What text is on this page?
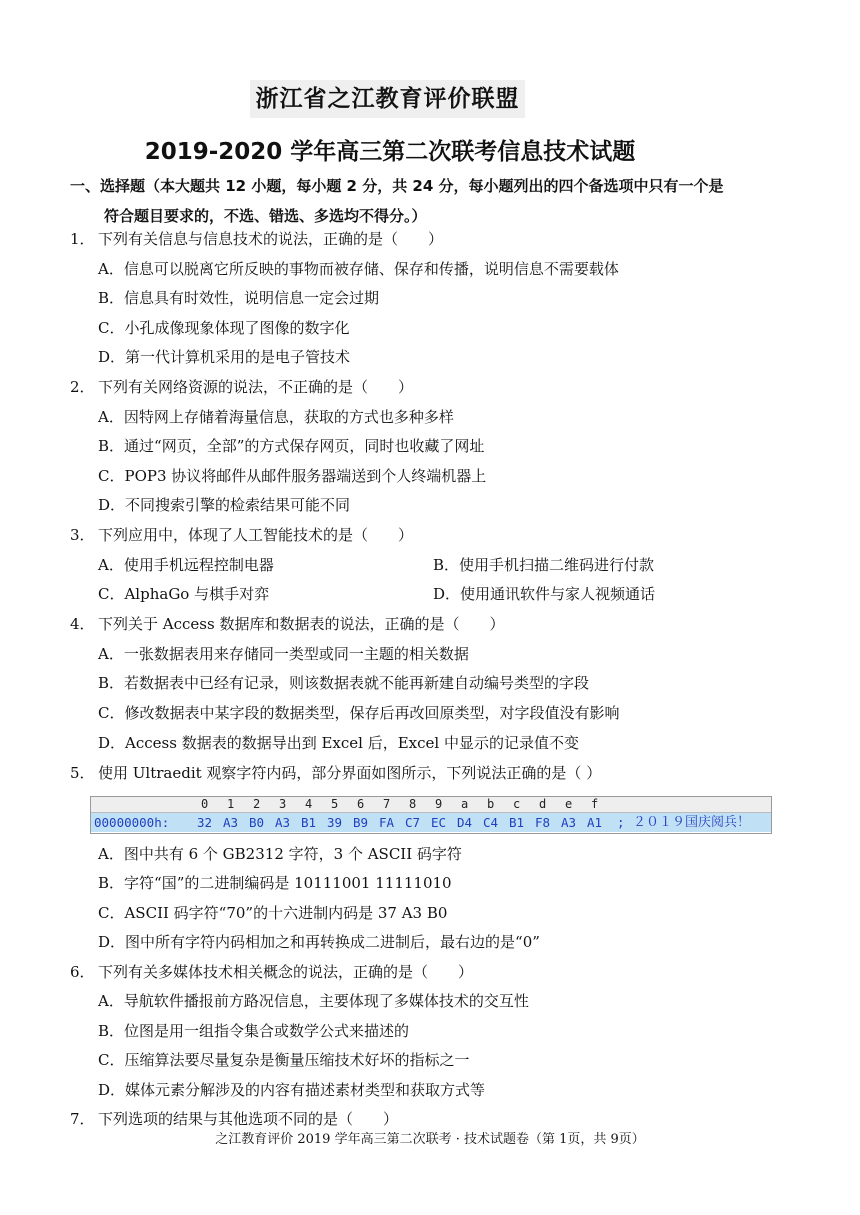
浙江省之江教育评价联盟
2019-2020 学年高三第二次联考信息技术试题
一、选择题（本大题共 12 小题，每小题 2 分，共 24 分，每小题列出的四个备选项中只有一个是
符合题目要求的，不选、错选、多选均不得分。）
1． 下列有关信息与信息技术的说法，正确的是（　　）
A．信息可以脱离它所反映的事物而被存储、保存和传播，说明信息不需要载体
B．信息具有时效性，说明信息一定会过期
C．小孔成像现象体现了图像的数字化
D．第一代计算机采用的是电子管技术
2． 下列有关网络资源的说法，不正确的是（　　）
A．因特网上存储着海量信息，获取的方式也多种多样
B．通过“网页，全部”的方式保存网页，同时也收藏了网址
C．POP3 协议将邮件从邮件服务器端送到个人终端机器上
D．不同搜索引擎的检索结果可能不同
3． 下列应用中，体现了人工智能技术的是（　　）
A．使用手机远程控制电器	B．使用手机扫描二维码进行付款
C．AlphaGo 与棋手对弈	D．使用通讯软件与家人视频通话
4． 下列关于 Access 数据库和数据表的说法，正确的是（　　）
A．一张数据表用来存储同一类型或同一主题的相关数据
B．若数据表中已经有记录，则该数据表就不能再新建自动编号类型的字段
C．修改数据表中某字段的数据类型，保存后再改回原类型，对字段值没有影响
D．Access 数据表的数据导出到 Excel 后，Excel 中显示的记录值不变
5． 使用 Ultraedit 观察字符内码，部分界面如图所示，下列说法正确的是（ ）
0 1 2 3 4 5 6 7 8 9 a b c d e f
00000000h: 32 A3 B0 A3 B1 39 B9 FA C7 EC D4 C4 B1 F8 A3 A1 ; ２０１９国庆阅兵！
A．图中共有 6 个 GB2312 字符，3 个 ASCII 码字符
B．字符“国”的二进制编码是 10111001 11111010
C．ASCII 码字符“70”的十六进制内码是 37 A3 B0
D．图中所有字符内码相加之和再转换成二进制后，最右边的是“0”
6． 下列有关多媒体技术相关概念的说法，正确的是（　　）
A．导航软件播报前方路况信息，主要体现了多媒体技术的交互性
B．位图是用一组指令集合或数学公式来描述的
C．压缩算法要尽量复杂是衡量压缩技术好坏的指标之一
D．媒体元素分解涉及的内容有描述素材类型和获取方式等
7． 下列选项的结果与其他选项不同的是（　　）
之江教育评价 2019 学年高三第二次联考 · 技术试题卷（第 1页，共 9页）
